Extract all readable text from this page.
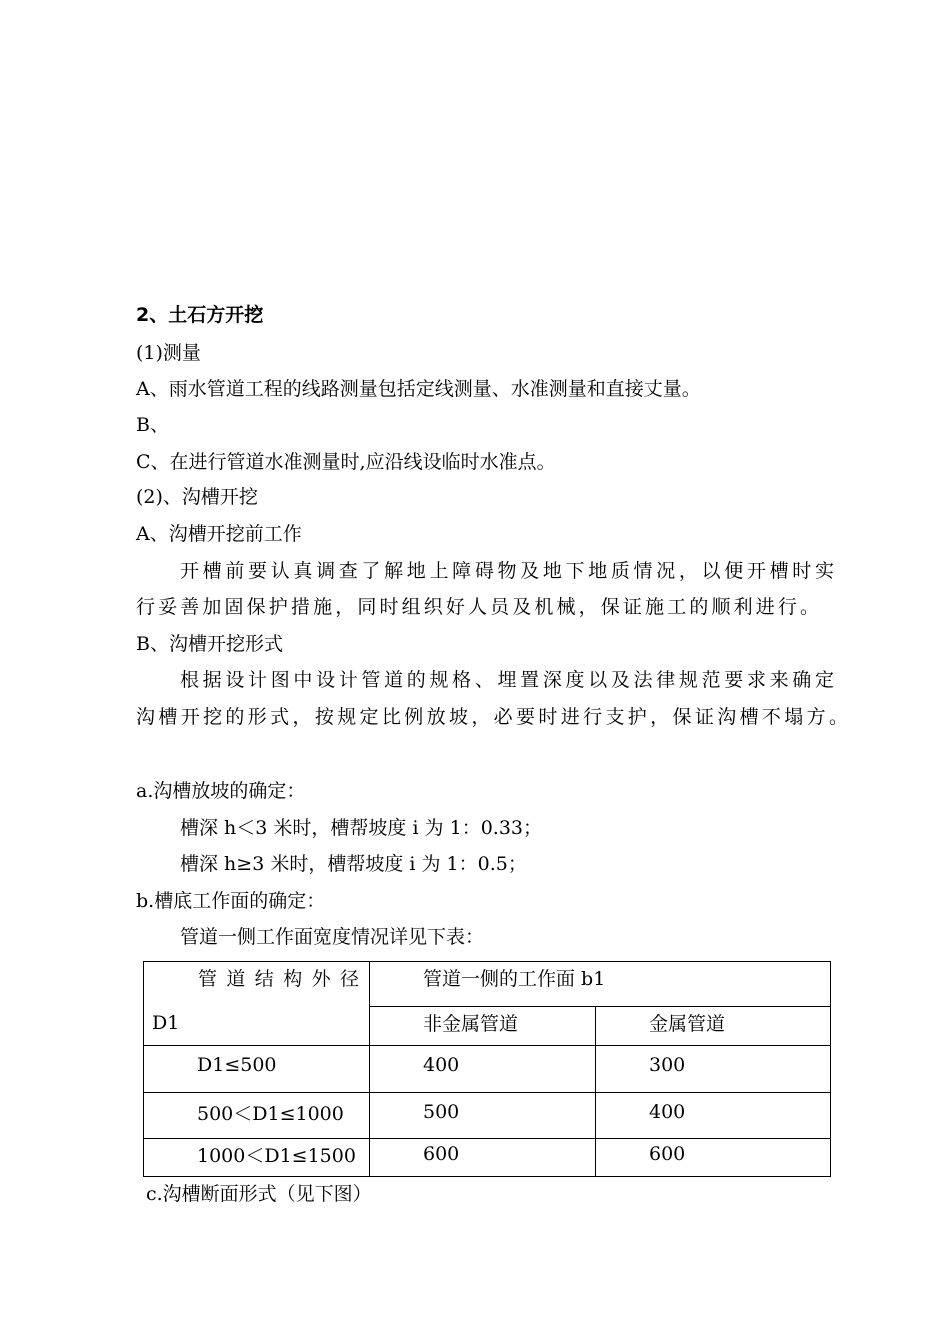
2、土石方开挖
(1)测量
A、雨水管道工程的线路测量包括定线测量、水准测量和直接丈量。
B、
C、在进行管道水准测量时,应沿线设临时水准点。
(2)、沟槽开挖
A、沟槽开挖前工作
开槽前要认真调查了解地上障碍物及地下地质情况，以便开槽时实
行妥善加固保护措施，同时组织好人员及机械，保证施工的顺利进行。
B、沟槽开挖形式
根据设计图中设计管道的规格、埋置深度以及法律规范要求来确定
沟槽开挖的形式，按规定比例放坡，必要时进行支护，保证沟槽不塌方。
a.沟槽放坡的确定：
槽深 h＜3 米时，槽帮坡度 i 为 1：0.33；
槽深 h≥3 米时，槽帮坡度 i 为 1：0.5；
b.槽底工作面的确定：
管道一侧工作面宽度情况详见下表：
管道结构外径
D1	管道一侧的工作面 b1	
	非金属管道	金属管道
D1≤500	400	300
500＜D1≤1000	500	400
1000＜D1≤1500	600	600
c.沟槽断面形式（见下图）
